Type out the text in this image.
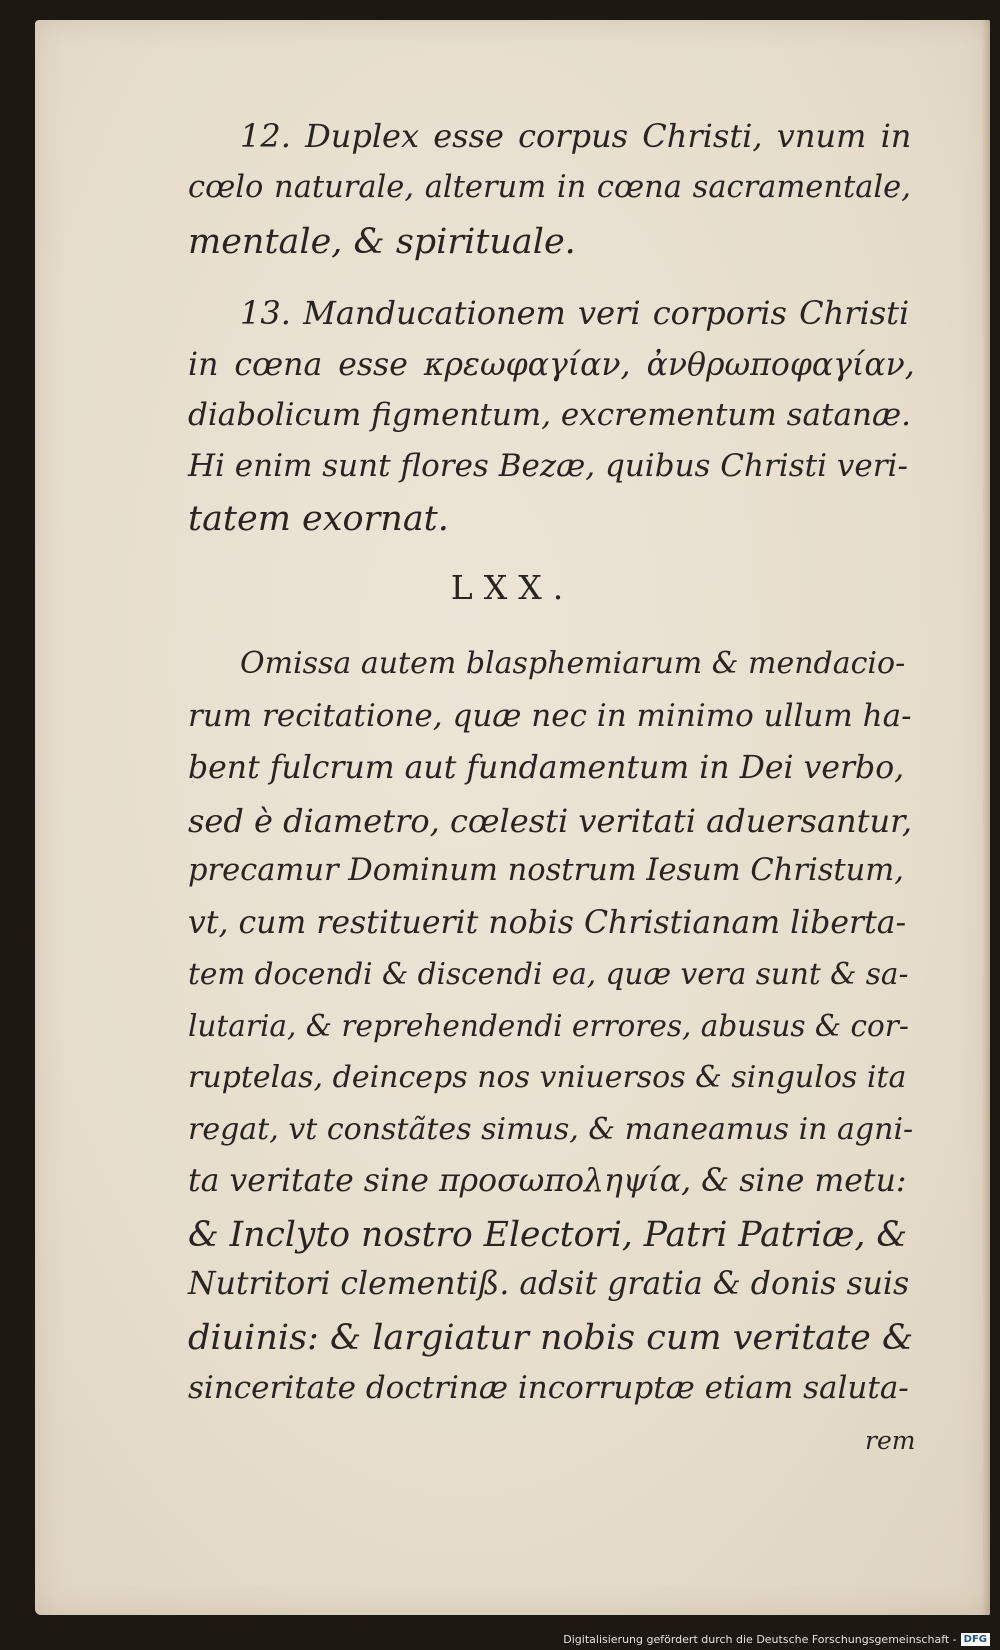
12. Duplex esse corpus Christi, vnum in

cœlo naturale, alterum in cœna sacramentale,

mentale, & spirituale.

13. Manducationem veri corporis Christi

in cœna esse κρεωφαγίαν, ἀνθρωποφαγίαν,

diabolicum figmentum, excrementum satanæ.

Hi enim sunt flores Bezæ, quibus Christi veri-

tatem exornat.

LXX.

Omissa autem blasphemiarum & mendacio-

rum recitatione, quæ nec in minimo ullum ha-

bent fulcrum aut fundamentum in Dei verbo,

sed è diametro, cœlesti veritati aduersantur,

precamur Dominum nostrum Iesum Christum,

vt, cum restituerit nobis Christianam liberta-

tem docendi & discendi ea, quæ vera sunt & sa-

lutaria, & reprehendendi errores, abusus & cor-

ruptelas, deinceps nos vniuersos & singulos ita

regat, vt constãtes simus, & maneamus in agni-

ta veritate sine προσωποληψία, & sine metu:

& Inclyto nostro Electori, Patri Patriæ, &

Nutritori clementiß. adsit gratia & donis suis

diuinis: & largiatur nobis cum veritate &

sinceritate doctrinæ incorruptæ etiam saluta-

rem

Digitalisierung gefördert durch die Deutsche Forschungsgemeinschaft - DFG
